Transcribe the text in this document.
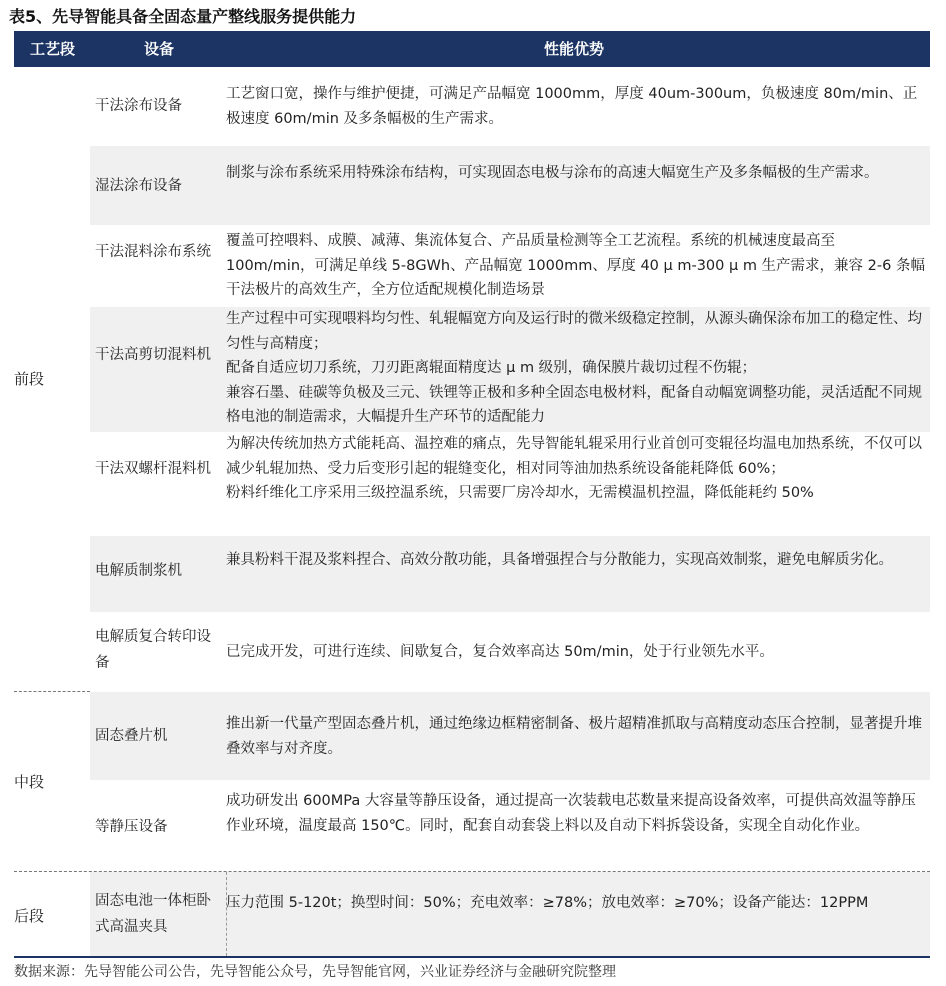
表5、先导智能具备全固态量产整线服务提供能力
工艺段	设备	性能优势
干法涂布设备
工艺窗口宽，操作与维护便捷，可满足产品幅宽 1000mm，厚度 40um-300um，负极速度 80m/min、正极速度 60m/min 及多条幅极的生产需求。
湿法涂布设备
制浆与涂布系统采用特殊涂布结构，可实现固态电极与涂布的高速大幅宽生产及多条幅极的生产需求。
干法混料涂布系统
覆盖可控喂料、成膜、减薄、集流体复合、产品质量检测等全工艺流程。系统的机械速度最高至 100m/min，可满足单线 5-8GWh、产品幅宽 1000mm、厚度 40 μ m-300 μ m 生产需求，兼容 2-6 条幅干法极片的高效生产，全方位适配规模化制造场景
干法高剪切混料机
生产过程中可实现喂料均匀性、轧辊幅宽方向及运行时的微米级稳定控制，从源头确保涂布加工的稳定性、均匀性与高精度；
配备自适应切刀系统，刀刃距离辊面精度达 μ m 级别，确保膜片裁切过程不伤辊；
兼容石墨、硅碳等负极及三元、铁锂等正极和多种全固态电极材料，配备自动幅宽调整功能，灵活适配不同规格电池的制造需求，大幅提升生产环节的适配能力
干法双螺杆混料机
为解决传统加热方式能耗高、温控难的痛点，先导智能轧辊采用行业首创可变辊径均温电加热系统，不仅可以减少轧辊加热、受力后变形引起的辊缝变化，相对同等油加热系统设备能耗降低 60%；
粉料纤维化工序采用三级控温系统，只需要厂房冷却水，无需模温机控温，降低能耗约 50%
电解质制浆机
兼具粉料干混及浆料捏合、高效分散功能，具备增强捏合与分散能力，实现高效制浆，避免电解质劣化。
电解质复合转印设备
已完成开发，可进行连续、间歇复合，复合效率高达 50m/min，处于行业领先水平。
固态叠片机
推出新一代量产型固态叠片机，通过绝缘边框精密制备、极片超精准抓取与高精度动态压合控制，显著提升堆叠效率与对齐度。
等静压设备
成功研发出 600MPa 大容量等静压设备，通过提高一次装载电芯数量来提高设备效率，可提供高效温等静压作业环境，温度最高 150℃。同时，配套自动套袋上料以及自动下料拆袋设备，实现全自动化作业。
固态电池一体柜卧式高温夹具
压力范围 5-120t；换型时间：50%；充电效率：≥78%；放电效率：≥70%；设备产能达：12PPM
前段
中段
后段
数据来源：先导智能公司公告，先导智能公众号，先导智能官网，兴业证券经济与金融研究院整理
